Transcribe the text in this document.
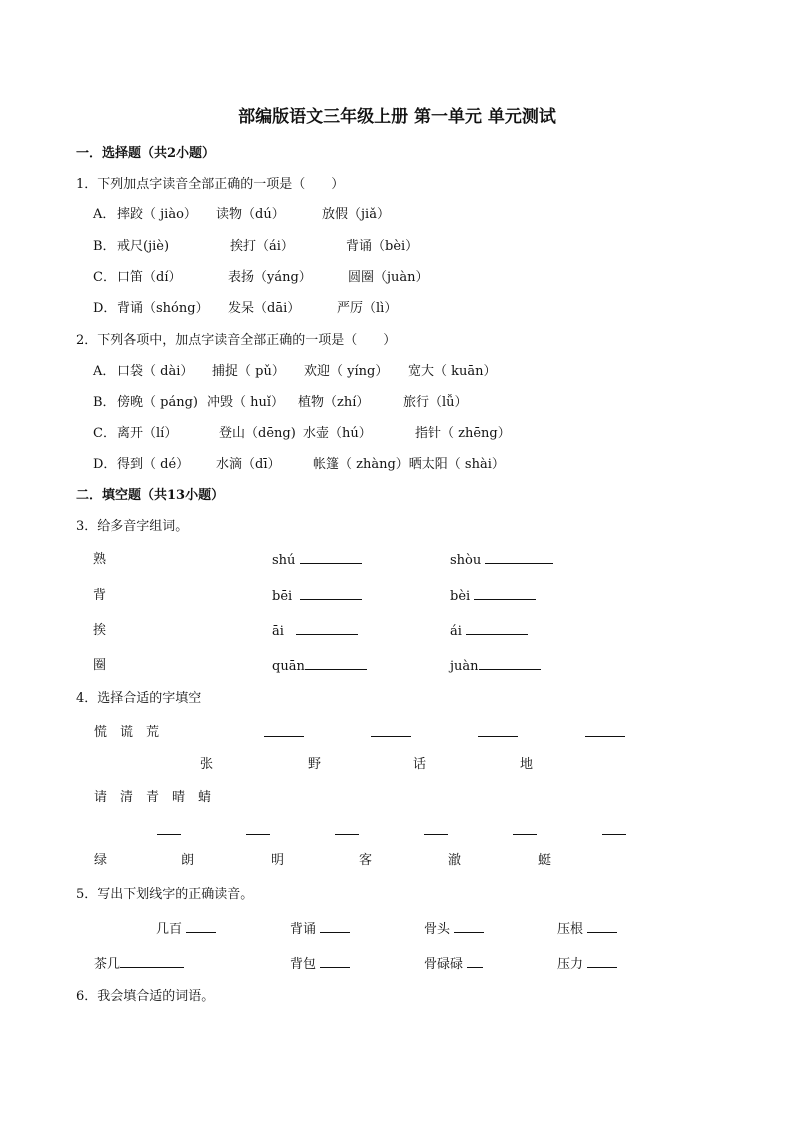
部编版语文三年级上册 第一单元 单元测试
一．选择题（共2小题）
1．下列加点字读音全部正确的一项是（　　）
A． 摔跤（ jiào） 读物（dú）	放假（jiǎ）
B． 戒尺(jiè)	挨打（ái）	背诵（bèi）
C． 口笛（dí）	表扬（yáng）	圆圈（juàn）
D． 背诵（shóng） 发呆（dāi）	严厉（lì）
2．下列各项中，加点字读音全部正确的一项是（　　）
A． 口袋（ dài） 捕捉（ pǔ） 欢迎（ yíng） 宽大（ kuān）
B． 傍晚（ páng) 冲毁（ huǐ） 植物（zhí）	旅行（lǚ）
C． 离开（lí）	登山（dēng) 水壶（hú）	指针（ zhēng）
D． 得到（ dé） 水滴（dī）	帐篷（ zhàng）晒太阳（ shài）
二．填空题（共13小题）
3．给多音字组词。
熟	shú	shòu
背	bēi	bèi
挨	āi	ái
圈	quān	juàn
4．选择合适的字填空
慌　谎　荒
张	野	话	地
请　清　青　晴　蜻
绿	朗	明	客	澈	蜓
5．写出下划线字的正确读音。
几百	背诵	骨头	压根
茶几	背包	骨碌碌	压力
6．我会填合适的词语。
